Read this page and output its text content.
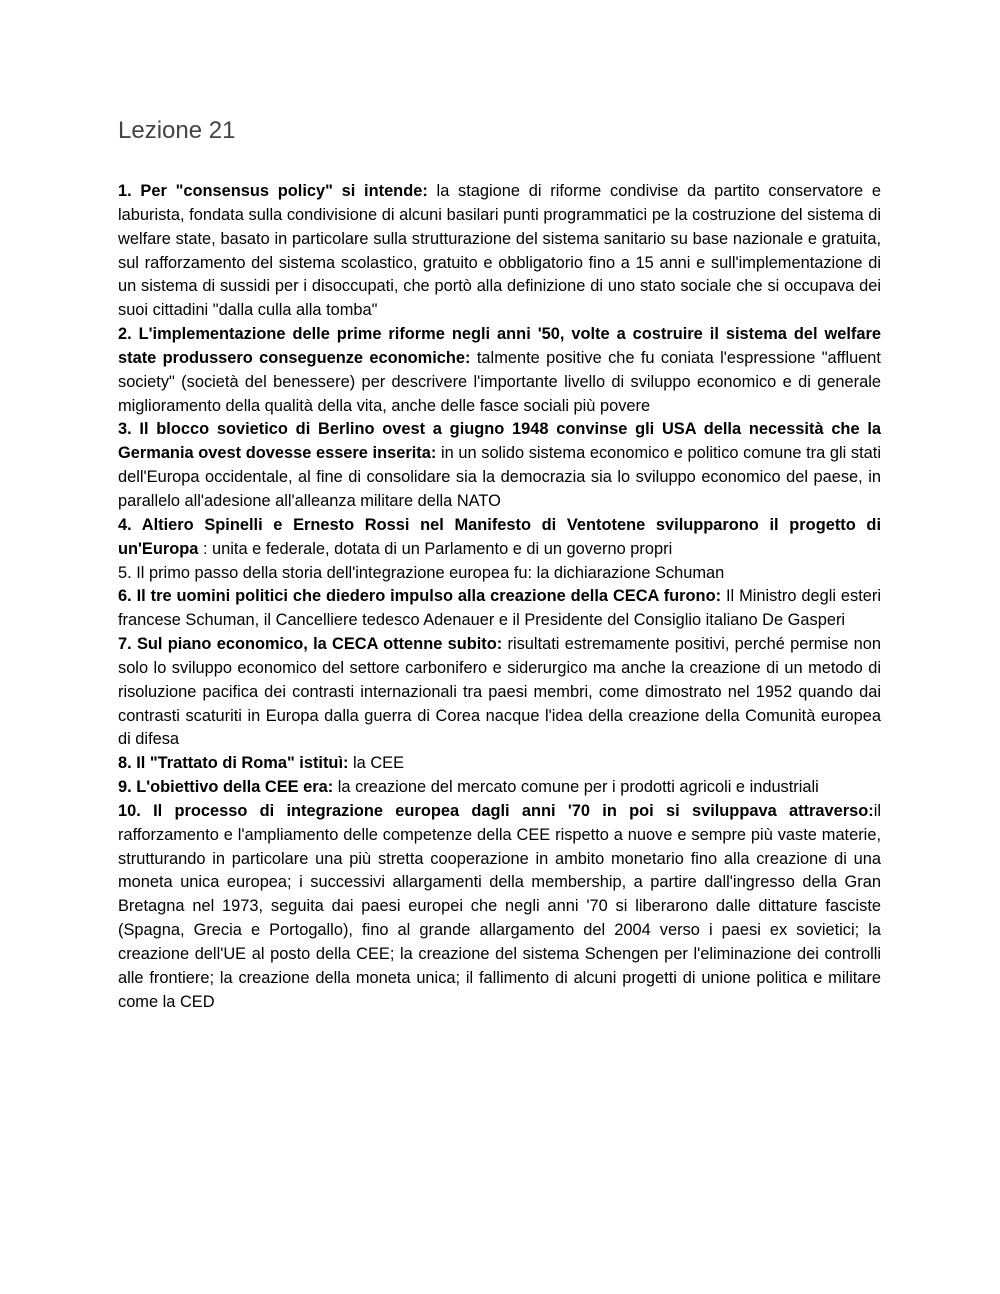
Lezione 21

1. Per "consensus policy" si intende: la stagione di riforme condivise da partito conservatore e laburista, fondata sulla condivisione di alcuni basilari punti programmatici pe la costruzione del sistema di welfare state, basato in particolare sulla strutturazione del sistema sanitario su base nazionale e gratuita, sul rafforzamento del sistema scolastico, gratuito e obbligatorio fino a 15 anni e sull'implementazione di un sistema di sussidi per i disoccupati, che portò alla definizione di uno stato sociale che si occupava dei suoi cittadini "dalla culla alla tomba"

2. L'implementazione delle prime riforme negli anni '50, volte a costruire il sistema del welfare state produssero conseguenze economiche: talmente positive che fu coniata l'espressione "affluent society" (società del benessere) per descrivere l'importante livello di sviluppo economico e di generale miglioramento della qualità della vita, anche delle fasce sociali più povere

3. Il blocco sovietico di Berlino ovest a giugno 1948 convinse gli USA della necessità che la Germania ovest dovesse essere inserita: in un solido sistema economico e politico comune tra gli stati dell'Europa occidentale, al fine di consolidare sia la democrazia sia lo sviluppo economico del paese, in parallelo all'adesione all'alleanza militare della NATO

4. Altiero Spinelli e Ernesto Rossi nel Manifesto di Ventotene svilupparono il progetto di un'Europa : unita e federale, dotata di un Parlamento e di un governo propri

5. Il primo passo della storia dell'integrazione europea fu: la dichiarazione Schuman

6. Il tre uomini politici che diedero impulso alla creazione della CECA furono: Il Ministro degli esteri francese Schuman, il Cancelliere tedesco Adenauer e il Presidente del Consiglio italiano De Gasperi

7. Sul piano economico, la CECA ottenne subito: risultati estremamente positivi, perché permise non solo lo sviluppo economico del settore carbonifero e siderurgico ma anche la creazione di un metodo di risoluzione pacifica dei contrasti internazionali tra paesi membri, come dimostrato nel 1952 quando dai contrasti scaturiti in Europa dalla guerra di Corea nacque l'idea della creazione della Comunità europea di difesa

8. Il "Trattato di Roma" istituì: la CEE

9. L'obiettivo della CEE era: la creazione del mercato comune per i prodotti agricoli e industriali

10. Il processo di integrazione europea dagli anni '70 in poi si sviluppava attraverso:il rafforzamento e l'ampliamento delle competenze della CEE rispetto a nuove e sempre più vaste materie, strutturando in particolare una più stretta cooperazione in ambito monetario fino alla creazione di una moneta unica europea; i successivi allargamenti della membership, a partire dall'ingresso della Gran Bretagna nel 1973, seguita dai paesi europei che negli anni '70 si liberarono dalle dittature fasciste (Spagna, Grecia e Portogallo), fino al grande allargamento del 2004 verso i paesi ex sovietici; la creazione dell'UE al posto della CEE; la creazione del sistema Schengen per l'eliminazione dei controlli alle frontiere; la creazione della moneta unica; il fallimento di alcuni progetti di unione politica e militare come la CED
